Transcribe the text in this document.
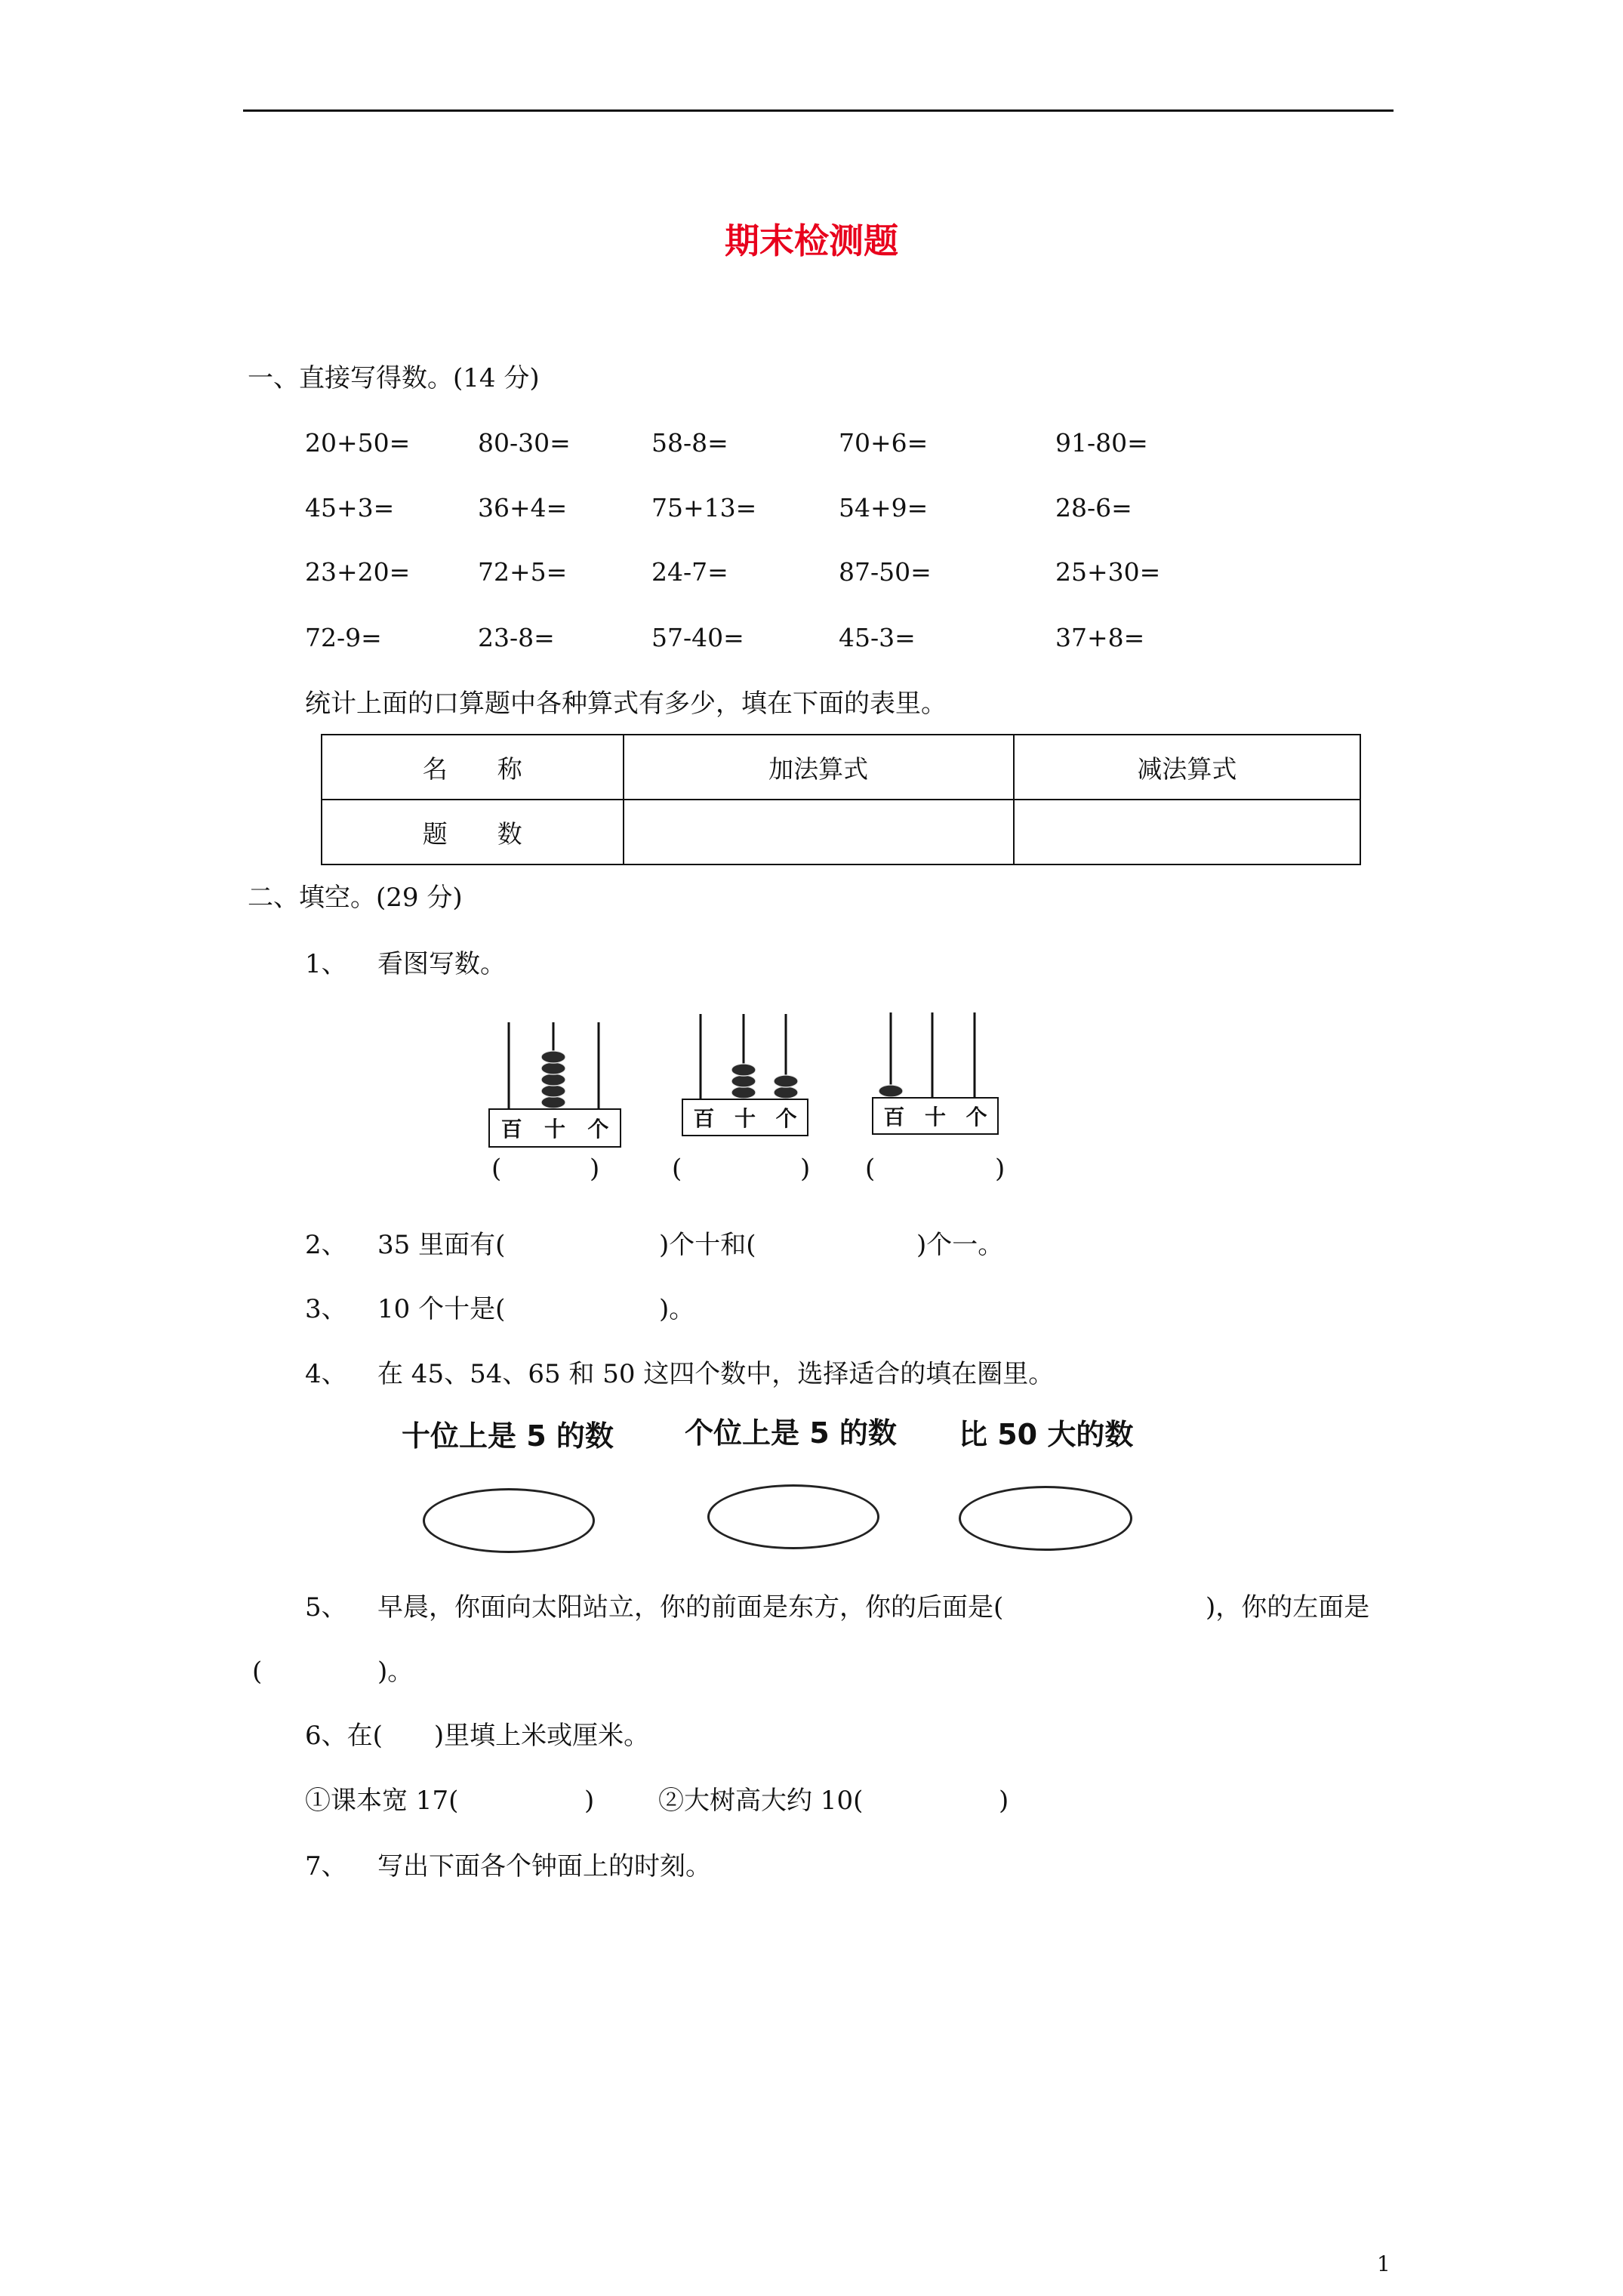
期末检测题
一、直接写得数。(14 分)
20+50=	80-30=	58-8=	70+6=	91-80=
45+3=	36+4=	75+13=	54+9=	28-6=
23+20=	72+5=	24-7=	87-50=	25+30=
72-9=	23-8=	57-40=	45-3=	37+8=
统计上面的口算题中各种算式有多少，填在下面的表里。
名　　称	加法算式	减法算式
题　　数		
二、填空。(29 分)
1、 看图写数。
百 十 个	百 十 个	百 十 个
(	)	(	) (	)
2、 35 里面有(	)个十和(	)个一。
3、 10 个十是(	)。
4、 在 45、54、65 和 50 这四个数中，选择适合的填在圈里。
十位上是 5 的数 个位上是 5 的数 比 50 大的数
5、 早晨，你面向太阳站立，你的前面是东方，你的后面是(	)，你的左面是
(	)。
6、在(　　)里填上米或厘米。
①课本宽 17(	) ②大树高大约 10(	)
7、 写出下面各个钟面上的时刻。
1
